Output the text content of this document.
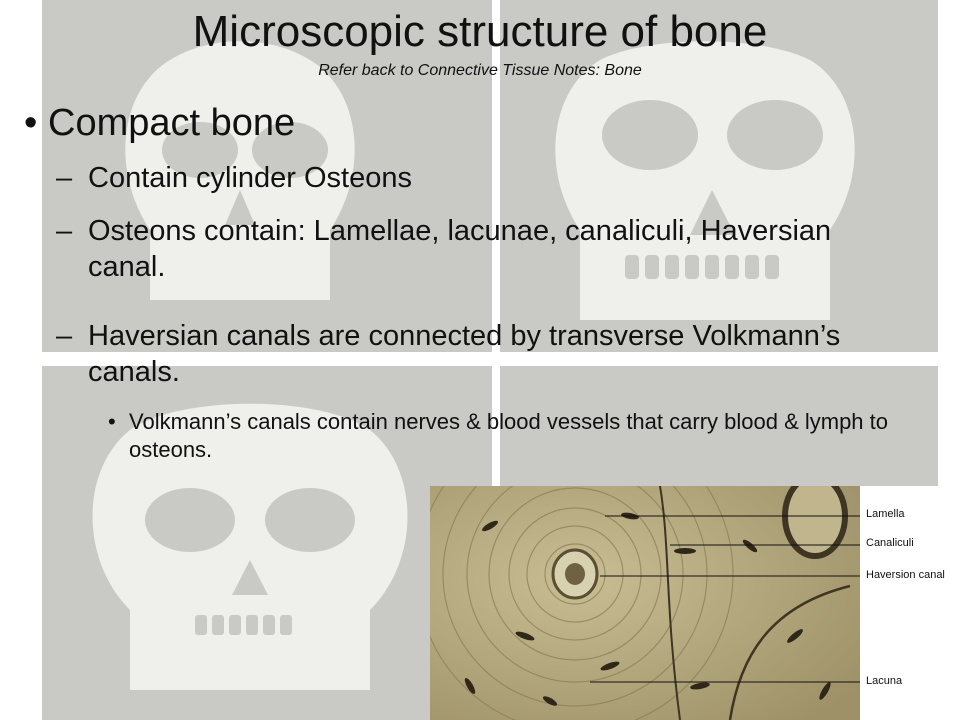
Microscopic structure of bone
Refer back to Connective Tissue Notes: Bone
• Compact bone
– Contain cylinder Osteons
– Osteons contain: Lamellae, lacunae, canaliculi, Haversian canal.
– Haversian canals are connected by transverse Volkmann’s canals.
• Volkmann’s canals contain nerves & blood vessels that carry blood & lymph to osteons.
Lamella
Canaliculi
Haversion canal
Lacuna
